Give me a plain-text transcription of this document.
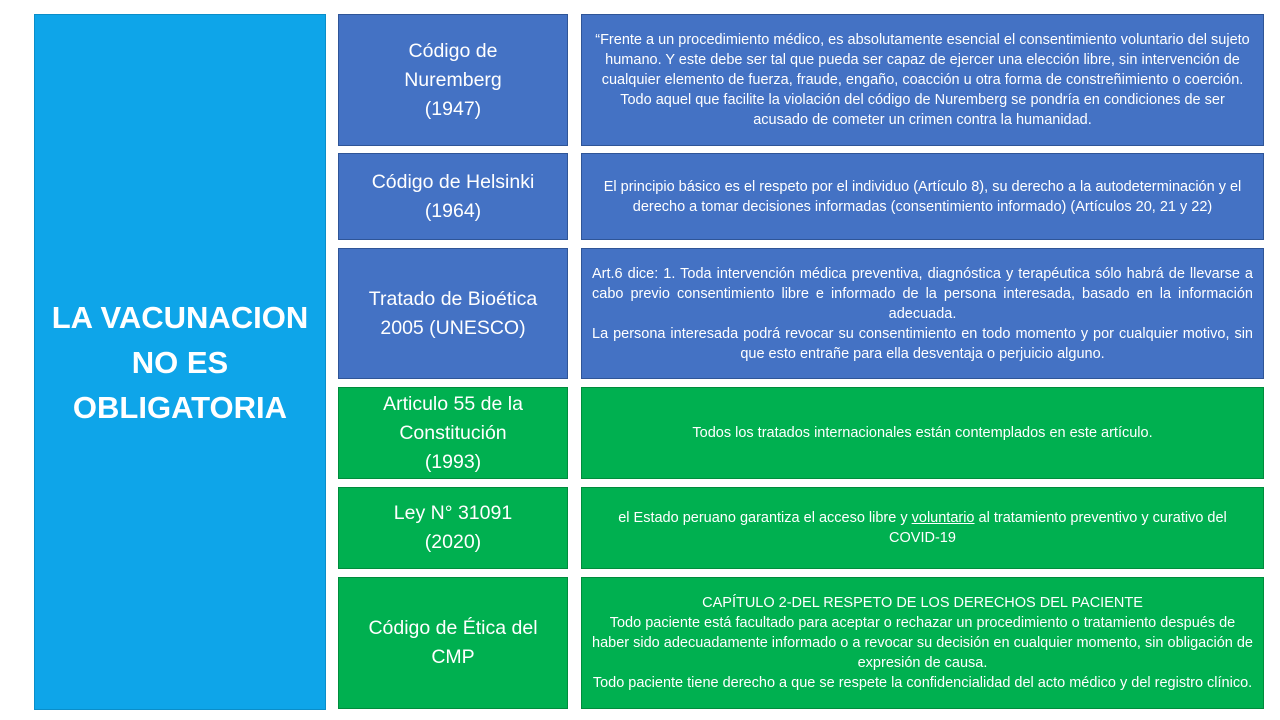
LA VACUNACION
NO ES
OBLIGATORIA
Código de
Nuremberg
(1947)

“Frente a un procedimiento médico, es absolutamente esencial el consentimiento voluntario del sujeto humano. Y este debe ser tal que pueda ser capaz de ejercer una elección libre, sin intervención de cualquier elemento de fuerza, fraude, engaño, coacción u otra forma de constreñimiento o coerción.

Todo aquel que facilite la violación del código de Nuremberg se pondría en condiciones de ser acusado de cometer un crimen contra la humanidad.

Código de Helsinki
(1964)

El principio básico es el respeto por el individuo (Artículo 8), su derecho a la autodeterminación y el derecho a tomar decisiones informadas (consentimiento informado) (Artículos 20, 21 y 22)

Tratado de Bioética
2005 (UNESCO)

Art.6 dice: 1. Toda intervención médica preventiva, diagnóstica y terapéutica sólo habrá de llevarse a cabo previo consentimiento libre e informado de la persona interesada, basado en la información adecuada.

La persona interesada podrá revocar su consentimiento en todo momento y por cualquier motivo, sin que esto entrañe para ella desventaja o perjuicio alguno.

Articulo 55 de la
Constitución
(1993)

Todos los tratados internacionales están contemplados en este artículo.

Ley N° 31091
(2020)

el Estado peruano garantiza el acceso libre y voluntario al tratamiento preventivo y curativo del COVID-19

Código de Ética del
CMP

CAPÍTULO 2-DEL RESPETO DE LOS DERECHOS DEL PACIENTE

Todo paciente está facultado para aceptar o rechazar un procedimiento o tratamiento después de haber sido adecuadamente informado o a revocar su decisión en cualquier momento, sin obligación de expresión de causa.

Todo paciente tiene derecho a que se respete la confidencialidad del acto médico y del registro clínico.
